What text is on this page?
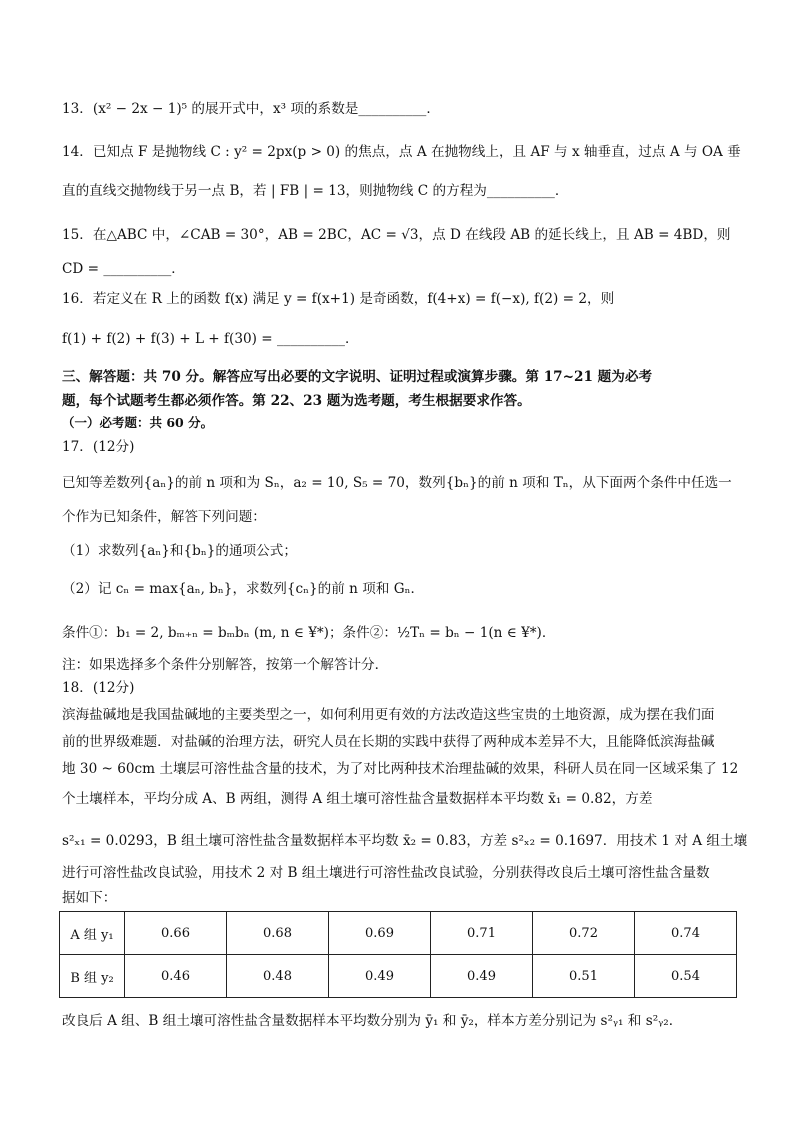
13．(x² − 2x − 1)⁵ 的展开式中，x³ 项的系数是__________．
14．已知点 F 是抛物线 C : y² = 2px(p > 0) 的焦点，点 A 在抛物线上，且 AF 与 x 轴垂直，过点 A 与 OA 垂
直的直线交抛物线于另一点 B，若 | FB | = 13，则抛物线 C 的方程为__________．
15．在△ABC 中，∠CAB = 30°，AB = 2BC，AC = √3，点 D 在线段 AB 的延长线上，且 AB = 4BD，则
CD = __________．
16．若定义在 R 上的函数 f(x) 满足 y = f(x+1) 是奇函数，f(4+x) = f(−x), f(2) = 2，则
f(1) + f(2) + f(3) + L + f(30) = __________．
三、解答题：共 70 分。解答应写出必要的文字说明、证明过程或演算步骤。第 17~21 题为必考
题，每个试题考生都必须作答。第 22、23 题为选考题，考生根据要求作答。
（一）必考题：共 60 分。
17．(12分)
已知等差数列{aₙ}的前 n 项和为 Sₙ，a₂ = 10, S₅ = 70，数列{bₙ}的前 n 项和 Tₙ，从下面两个条件中任选一
个作为已知条件，解答下列问题：
（1）求数列{aₙ}和{bₙ}的通项公式；
（2）记 cₙ = max{aₙ, bₙ}，求数列{cₙ}的前 n 项和 Gₙ．
条件①：b₁ = 2, bₘ₊ₙ = bₘbₙ (m, n ∈ ¥*)；条件②：½Tₙ = bₙ − 1(n ∈ ¥*)．
注：如果选择多个条件分别解答，按第一个解答计分．
18．(12分)
滨海盐碱地是我国盐碱地的主要类型之一，如何利用更有效的方法改造这些宝贵的土地资源，成为摆在我们面
前的世界级难题．对盐碱的治理方法，研究人员在长期的实践中获得了两种成本差异不大，且能降低滨海盐碱
地 30 ~ 60cm 土壤层可溶性盐含量的技术，为了对比两种技术治理盐碱的效果，科研人员在同一区域采集了 12
个土壤样本，平均分成 A、B 两组，测得 A 组土壤可溶性盐含量数据样本平均数 x̄₁ = 0.82，方差
s²ₓ₁ = 0.0293，B 组土壤可溶性盐含量数据样本平均数 x̄₂ = 0.83，方差 s²ₓ₂ = 0.1697．用技术 1 对 A 组土壤
进行可溶性盐改良试验，用技术 2 对 B 组土壤进行可溶性盐改良试验，分别获得改良后土壤可溶性盐含量数
据如下：
A 组 y₁	0.66	0.68	0.69	0.71	0.72	0.74
B 组 y₂	0.46	0.48	0.49	0.49	0.51	0.54
改良后 A 组、B 组土壤可溶性盐含量数据样本平均数分别为 ȳ₁ 和 ȳ₂，样本方差分别记为 s²ᵧ₁ 和 s²ᵧ₂．
